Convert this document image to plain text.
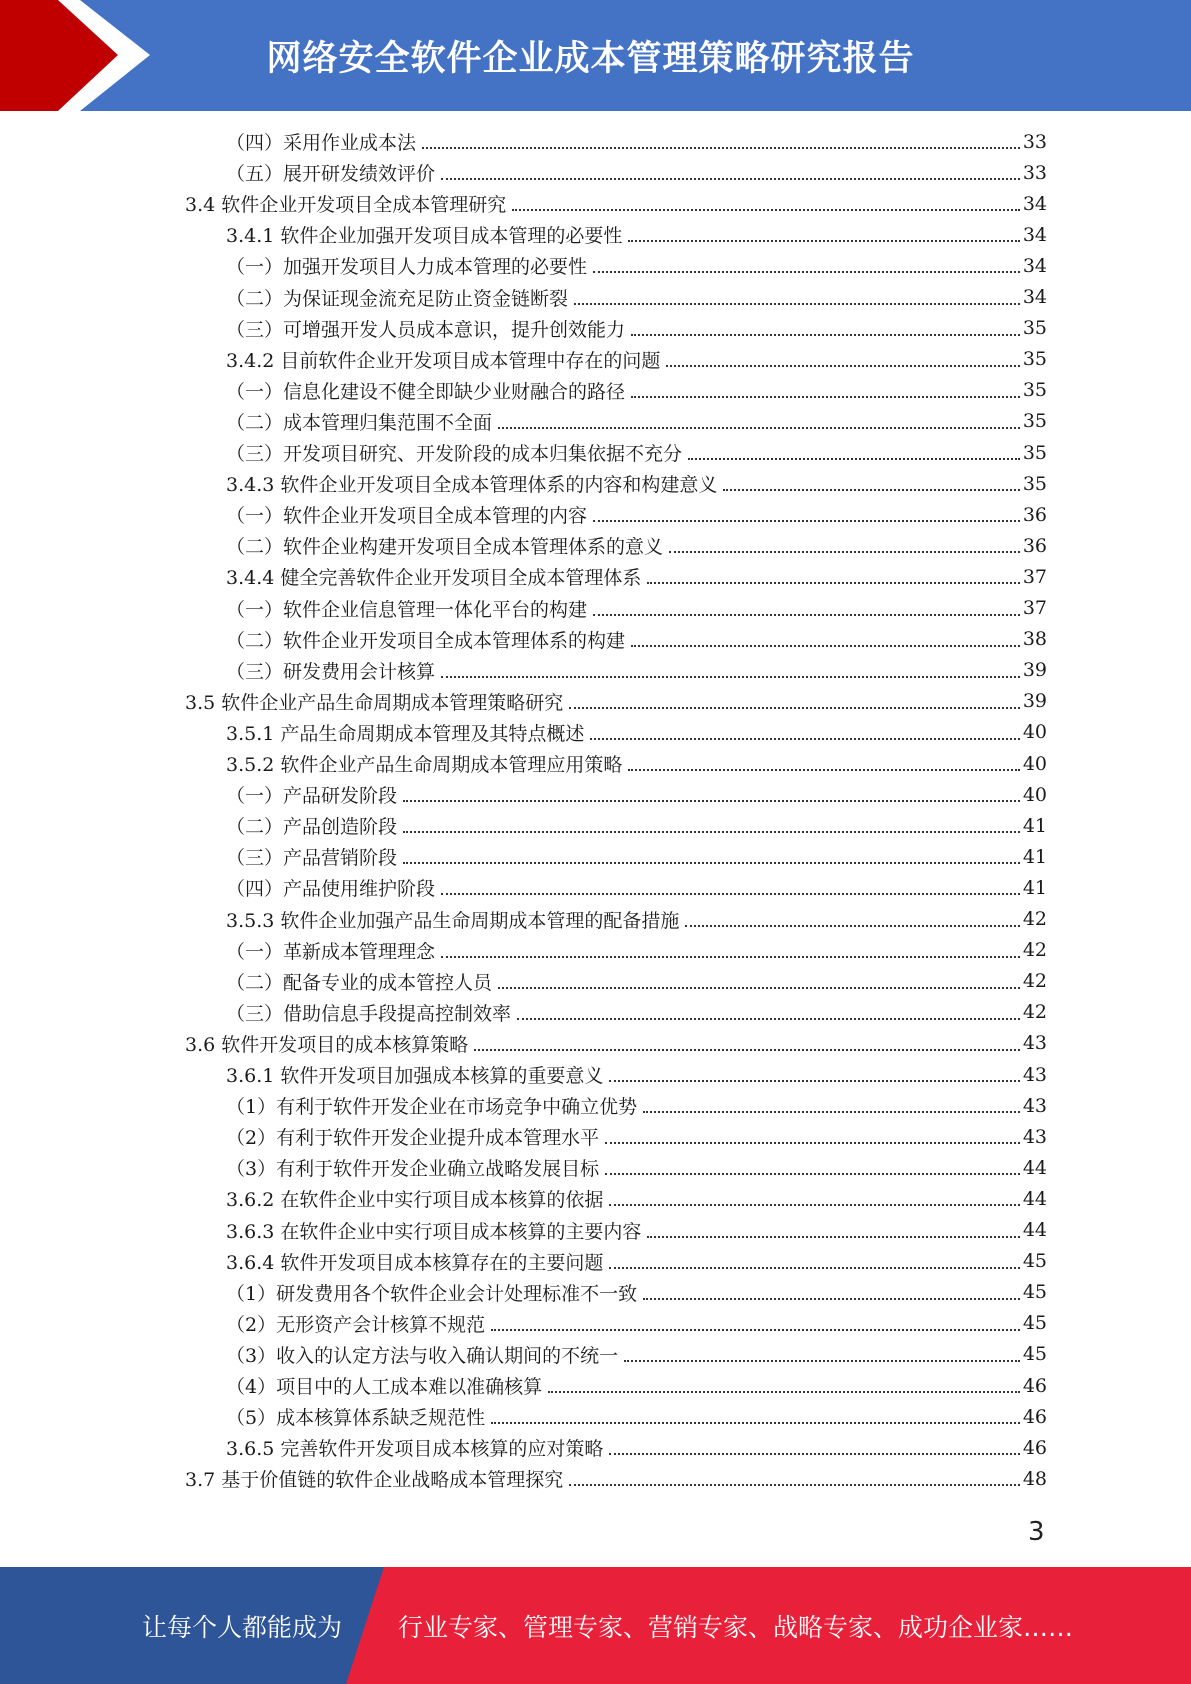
网络安全软件企业成本管理策略研究报告
（四）采用作业成本法	33
（五）展开研发绩效评价	33
3.4 软件企业开发项目全成本管理研究	34
3.4.1 软件企业加强开发项目成本管理的必要性	34
（一）加强开发项目人力成本管理的必要性	34
（二）为保证现金流充足防止资金链断裂	34
（三）可增强开发人员成本意识，提升创效能力	35
3.4.2 目前软件企业开发项目成本管理中存在的问题	35
（一）信息化建设不健全即缺少业财融合的路径	35
（二）成本管理归集范围不全面	35
（三）开发项目研究、开发阶段的成本归集依据不充分	35
3.4.3 软件企业开发项目全成本管理体系的内容和构建意义	35
（一）软件企业开发项目全成本管理的内容	36
（二）软件企业构建开发项目全成本管理体系的意义	36
3.4.4 健全完善软件企业开发项目全成本管理体系	37
（一）软件企业信息管理一体化平台的构建	37
（二）软件企业开发项目全成本管理体系的构建	38
（三）研发费用会计核算	39
3.5 软件企业产品生命周期成本管理策略研究	39
3.5.1 产品生命周期成本管理及其特点概述	40
3.5.2 软件企业产品生命周期成本管理应用策略	40
（一）产品研发阶段	40
（二）产品创造阶段	41
（三）产品营销阶段	41
（四）产品使用维护阶段	41
3.5.3 软件企业加强产品生命周期成本管理的配备措施	42
（一）革新成本管理理念	42
（二）配备专业的成本管控人员	42
（三）借助信息手段提高控制效率	42
3.6 软件开发项目的成本核算策略	43
3.6.1 软件开发项目加强成本核算的重要意义	43
（1）有利于软件开发企业在市场竞争中确立优势	43
（2）有利于软件开发企业提升成本管理水平	43
（3）有利于软件开发企业确立战略发展目标	44
3.6.2 在软件企业中实行项目成本核算的依据	44
3.6.3 在软件企业中实行项目成本核算的主要内容	44
3.6.4 软件开发项目成本核算存在的主要问题	45
（1）研发费用各个软件企业会计处理标准不一致	45
（2）无形资产会计核算不规范	45
（3）收入的认定方法与收入确认期间的不统一	45
（4）项目中的人工成本难以准确核算	46
（5）成本核算体系缺乏规范性	46
3.6.5 完善软件开发项目成本核算的应对策略	46
3.7 基于价值链的软件企业战略成本管理探究	48
3
让每个人都能成为 行业专家、管理专家、营销专家、战略专家、成功企业家……
